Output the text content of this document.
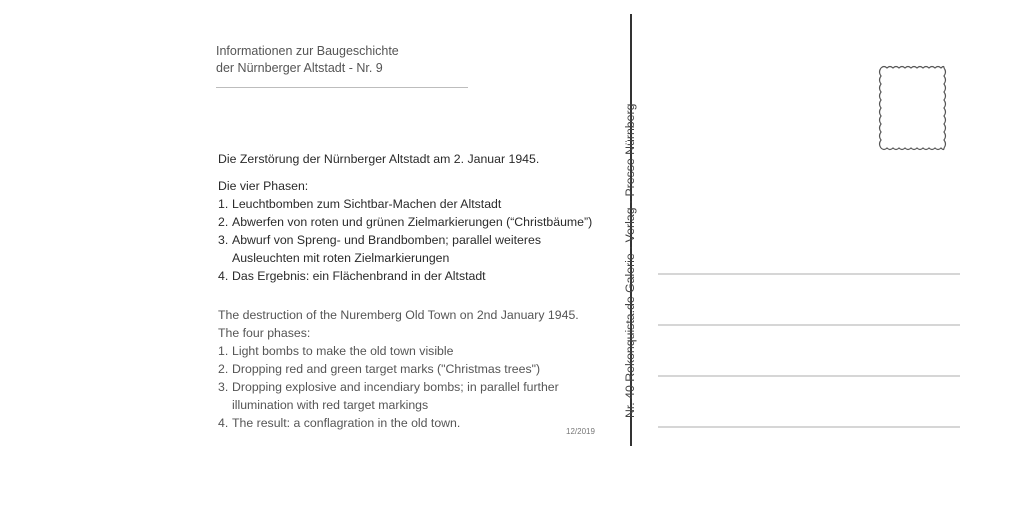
Informationen zur Baugeschichte
der Nürnberger Altstadt - Nr. 9

Die Zerstörung der Nürnberger Altstadt am 2. Januar 1945.

Die vier Phasen:

1. Leuchtbomben zum Sichtbar-Machen der Altstadt
2. Abwerfen von roten und grünen Zielmarkierungen (“Christbäume”)
3. Abwurf von Spreng- und Brandbomben; parallel weiteres Ausleuchten mit roten Zielmarkierungen
4. Das Ergebnis: ein Flächenbrand in der Altstadt

The destruction of the Nuremberg Old Town on 2nd January 1945. The four phases:

1. Light bombs to make the old town visible
2. Dropping red and green target marks ("Christmas trees")
3. Dropping explosive and incendiary bombs; in parallel further illumination with red target markings
4. The result: a conflagration in the old town.
12/2019
Nr. 40 Rekonquista.de Galerie · Verlag · Presse Nürnberg
